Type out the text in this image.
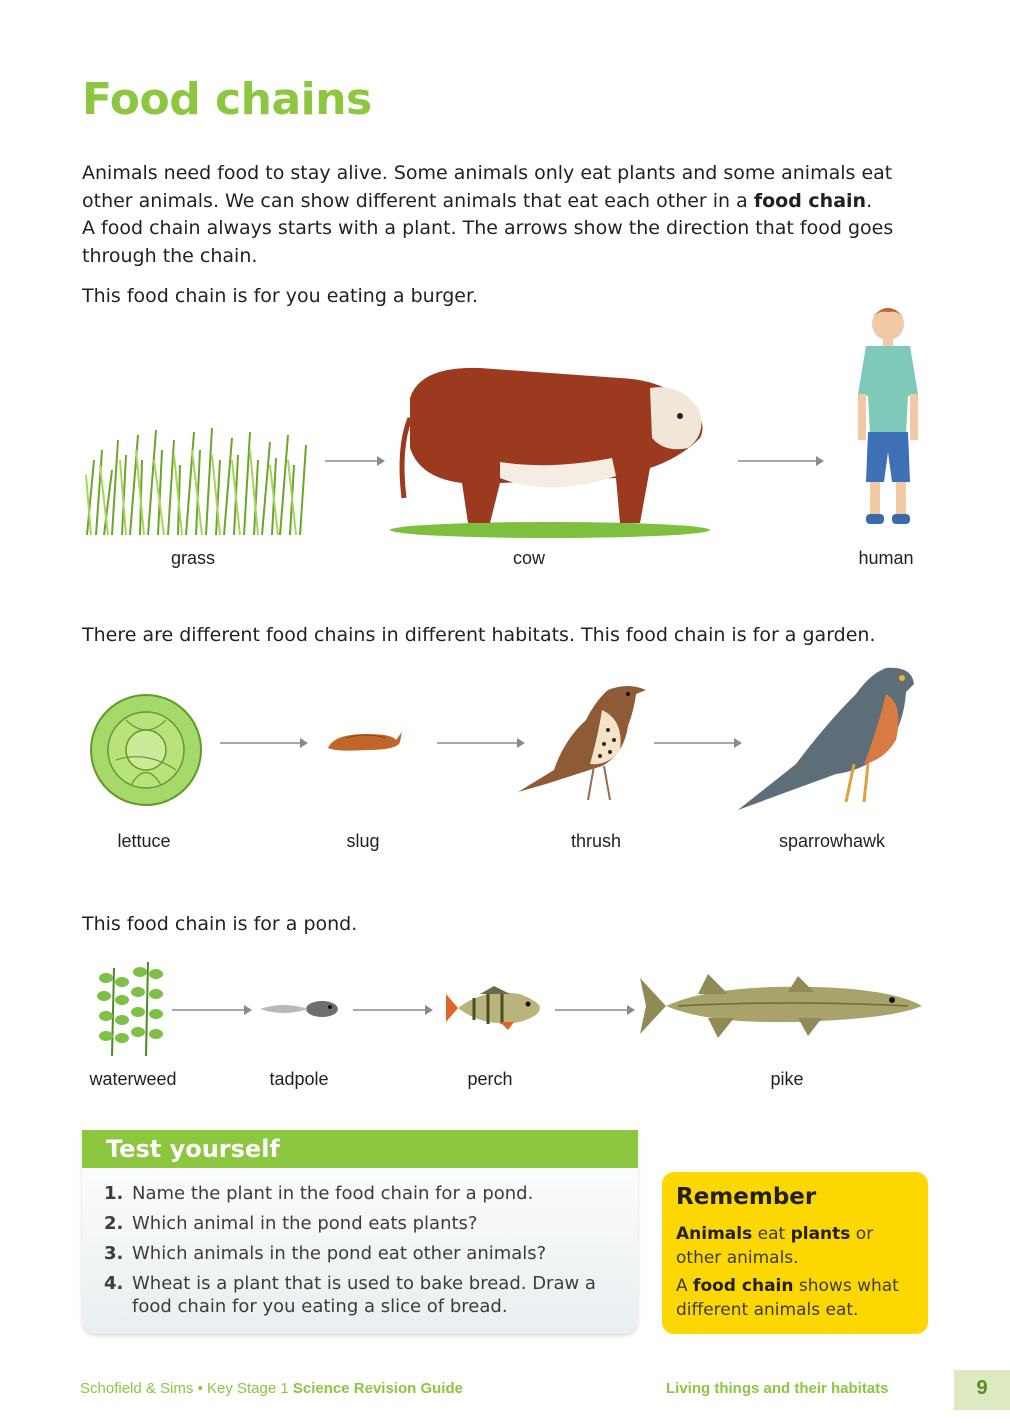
Food chains

Animals need food to stay alive. Some animals only eat plants and some animals eat other animals. We can show different animals that eat each other in a food chain.

A food chain always starts with a plant. The arrows show the direction that food goes through the chain.

This food chain is for you eating a burger.
grass	cow	human
There are different food chains in different habitats. This food chain is for a garden.
lettuce	slug	thrush	sparrowhawk
This food chain is for a pond.
waterweed	tadpole	perch	pike
Test yourself
1. Name the plant in the food chain for a pond.
2. Which animal in the pond eats plants?
3. Which animals in the pond eat other animals?
4. Wheat is a plant that is used to bake bread. Draw a food chain for you eating a slice of bread.
Remember
Animals eat plants or other animals.
A food chain shows what different animals eat.
Schofield & Sims • Key Stage 1 Science Revision Guide	Living things and their habitats	9
